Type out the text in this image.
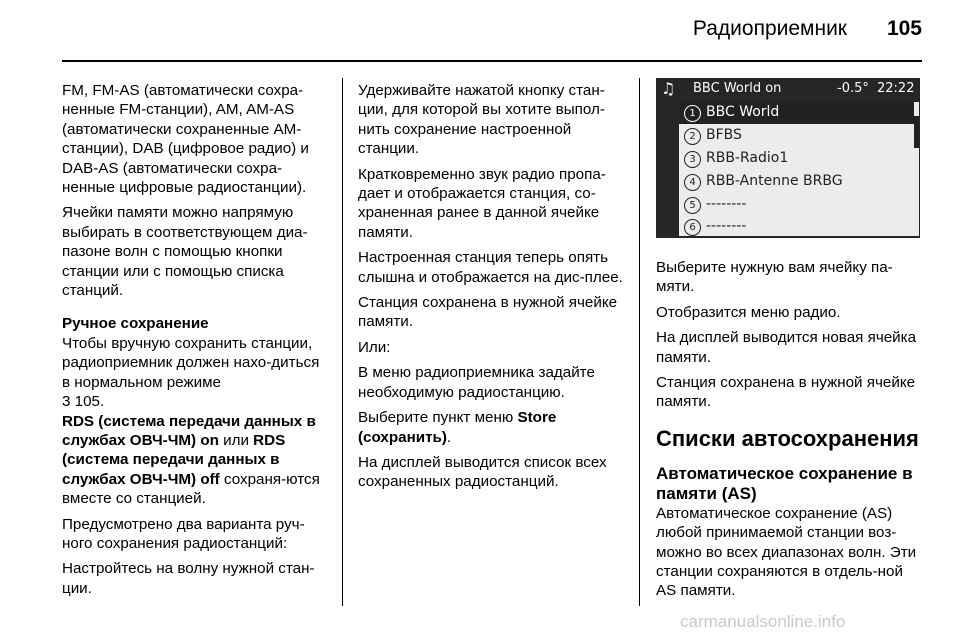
Радиоприемник 105

FM, FM-AS (автоматически сохра-ненные FM-станции), AM, AM-AS (автоматически сохраненные AM-станции), DAB (цифровое радио) и DAB-AS (автоматически сохра-ненные цифровые радиостанции).

Ячейки памяти можно напрямую выбирать в соответствующем диа-пазоне волн с помощью кнопки станции или с помощью списка станций.

Ручное сохранение

Чтобы вручную сохранить станции, радиоприемник должен нахо-диться в нормальном режиме

3 105.

RDS (система передачи данных в службах ОВЧ-ЧМ) on или RDS (система передачи данных в службах ОВЧ-ЧМ) off сохраня-ются вместе со станцией.

Предусмотрено два варианта руч-ного сохранения радиостанций:

Настройтесь на волну нужной стан-ции.

Удерживайте нажатой кнопку стан-ции, для которой вы хотите выпол-нить сохранение настроенной станции.

Кратковременно звук радио пропа-дает и отображается станция, со-храненная ранее в данной ячейке памяти.

Настроенная станция теперь опять слышна и отображается на дис-плее.

Станция сохранена в нужной ячейке памяти.

Или:

В меню радиоприемника задайте необходимую радиостанцию.

Выберите пункт меню Store (сохранить).

На дисплей выводится список всех сохраненных радиостанций.

♫ BBC World on	-0.5° 22:22
1 BBC World
2 BFBS
3 RBB-Radio1
4 RBB-Antenne BRBG
5 --------
6 --------

Выберите нужную вам ячейку па-мяти.

Отобразится меню радио.

На дисплей выводится новая ячейка памяти.

Станция сохранена в нужной ячейке памяти.

Списки автосохранения
Автоматическое сохранение в памяти (AS)

Автоматическое сохранение (AS) любой принимаемой станции воз-можно во всех диапазонах волн. Эти станции сохраняются в отдель-ной AS памяти.

carmanualsonline.info
